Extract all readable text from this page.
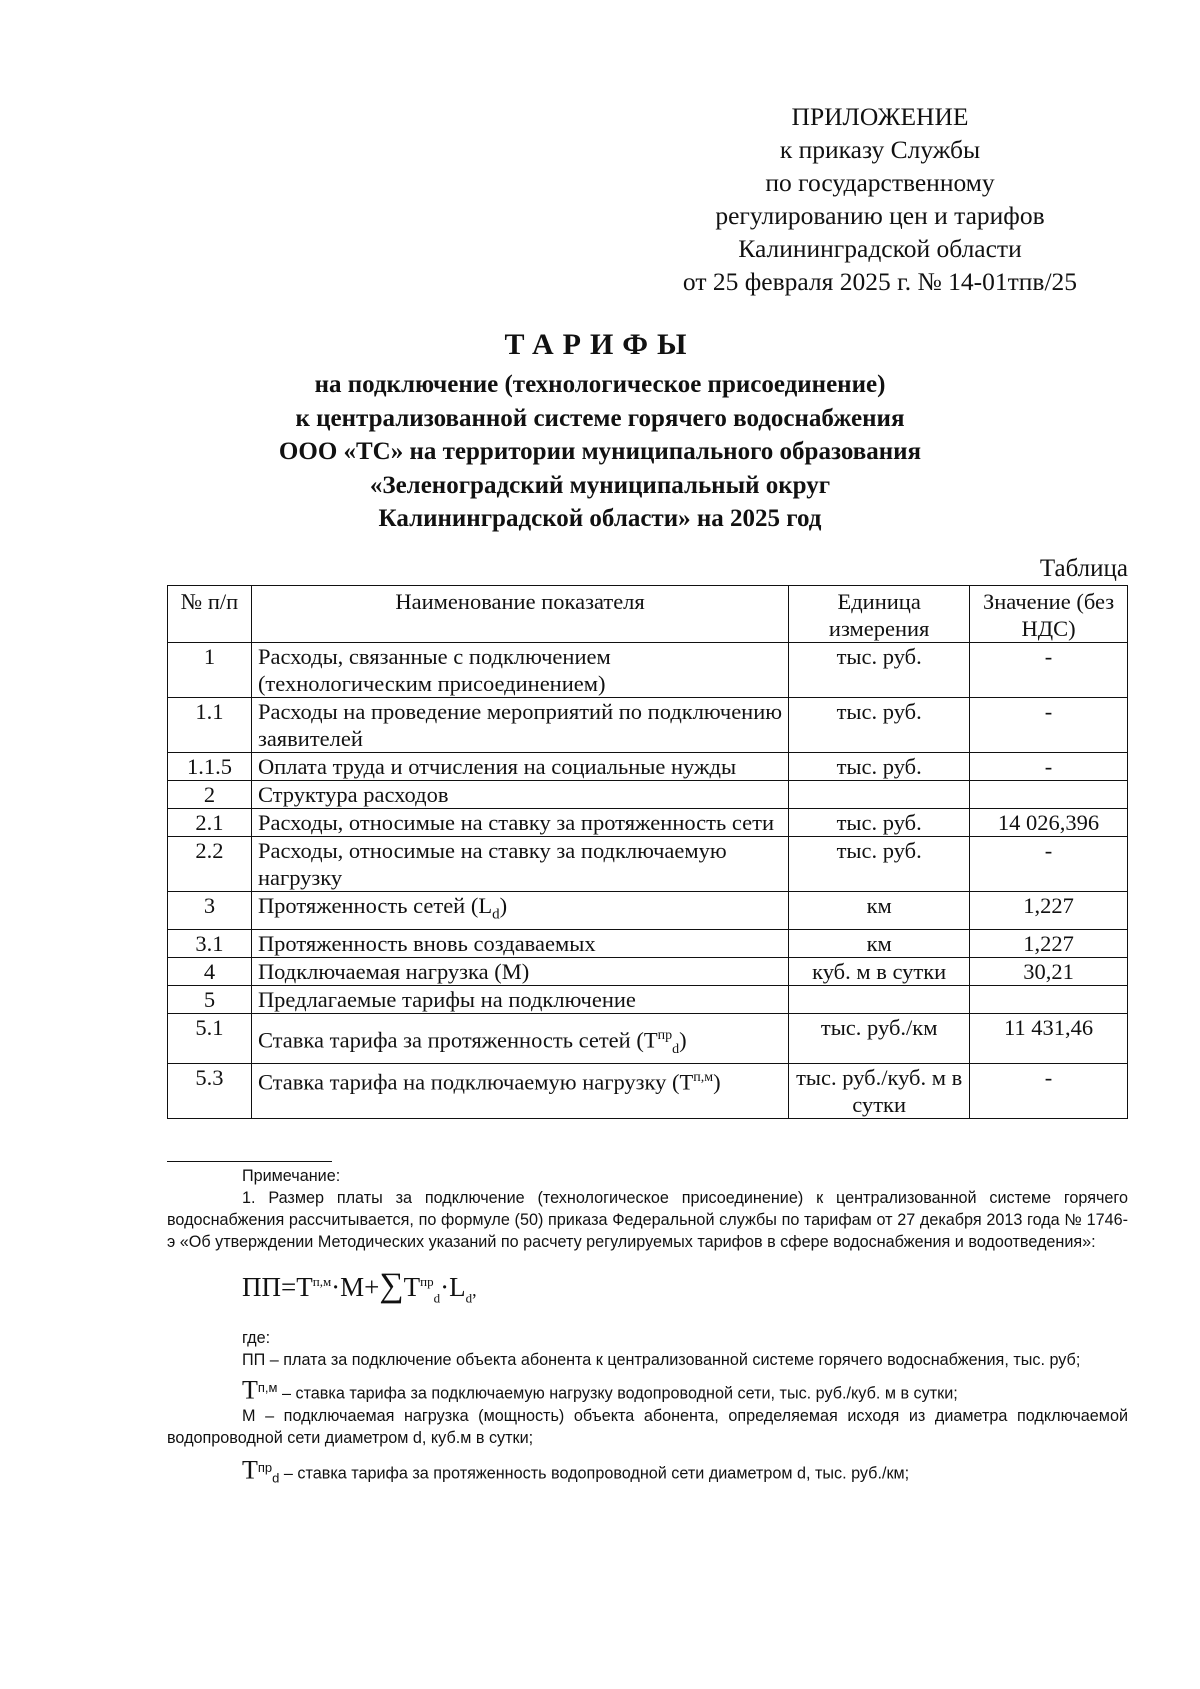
ПРИЛОЖЕНИЕ
к приказу Службы
по государственному
регулированию цен и тарифов
Калининградской области
от 25 февраля 2025 г. № 14-01тпв/25
ТАРИФЫ
на подключение (технологическое присоединение)
к централизованной системе горячего водоснабжения
ООО «ТС» на территории муниципального образования
«Зеленоградский муниципальный округ
Калининградской области» на 2025 год
Таблица
№ п/п	Наименование показателя	Единица измерения	Значение (без НДС)
1	Расходы, связанные с подключением (технологическим присоединением)	тыс. руб.	-
1.1	Расходы на проведение мероприятий по подключению заявителей	тыс. руб.	-
1.1.5	Оплата труда и отчисления на социальные нужды	тыс. руб.	-
2	Структура расходов		
2.1	Расходы, относимые на ставку за протяженность сети	тыс. руб.	14 026,396
2.2	Расходы, относимые на ставку за подключаемую нагрузку	тыс. руб.	-
3	Протяженность сетей $(L_d)$	км	1,227
3.1	Протяженность вновь создаваемых	км	1,227
4	Подключаемая нагрузка (М)	куб. м в сутки	30,21
5	Предлагаемые тарифы на подключение		
5.1	Ставка тарифа за протяженность сетей $(T^{пр}_d)$	тыс. руб./км	11 431,46
5.3	Ставка тарифа на подключаемую нагрузку $(Т^{п,м})$	тыс. руб./куб. м в сутки	-

Примечание:

1. Размер платы за подключение (технологическое присоединение) к централизованной системе горячего водоснабжения рассчитывается, по формуле (50) приказа Федеральной службы по тарифам от 27 декабря 2013 года № 1746-э «Об утверждении Методических указаний по расчету регулируемых тарифов в сфере водоснабжения и водоотведения»:

$ПП=T^{п,м}\cdot M+\sum T^{пр}_d\cdot L_d$,

где:

ПП – плата за подключение объекта абонента к централизованной системе горячего водоснабжения, тыс. руб;

$T^{п,м}$ – ставка тарифа за подключаемую нагрузку водопроводной сети, тыс. руб./куб. м в сутки;

М – подключаемая нагрузка (мощность) объекта абонента, определяемая исходя из диаметра подключаемой водопроводной сети диаметром d, куб.м в сутки;

$T^{пр}_d$ – ставка тарифа за протяженность водопроводной сети диаметром d, тыс. руб./км;
